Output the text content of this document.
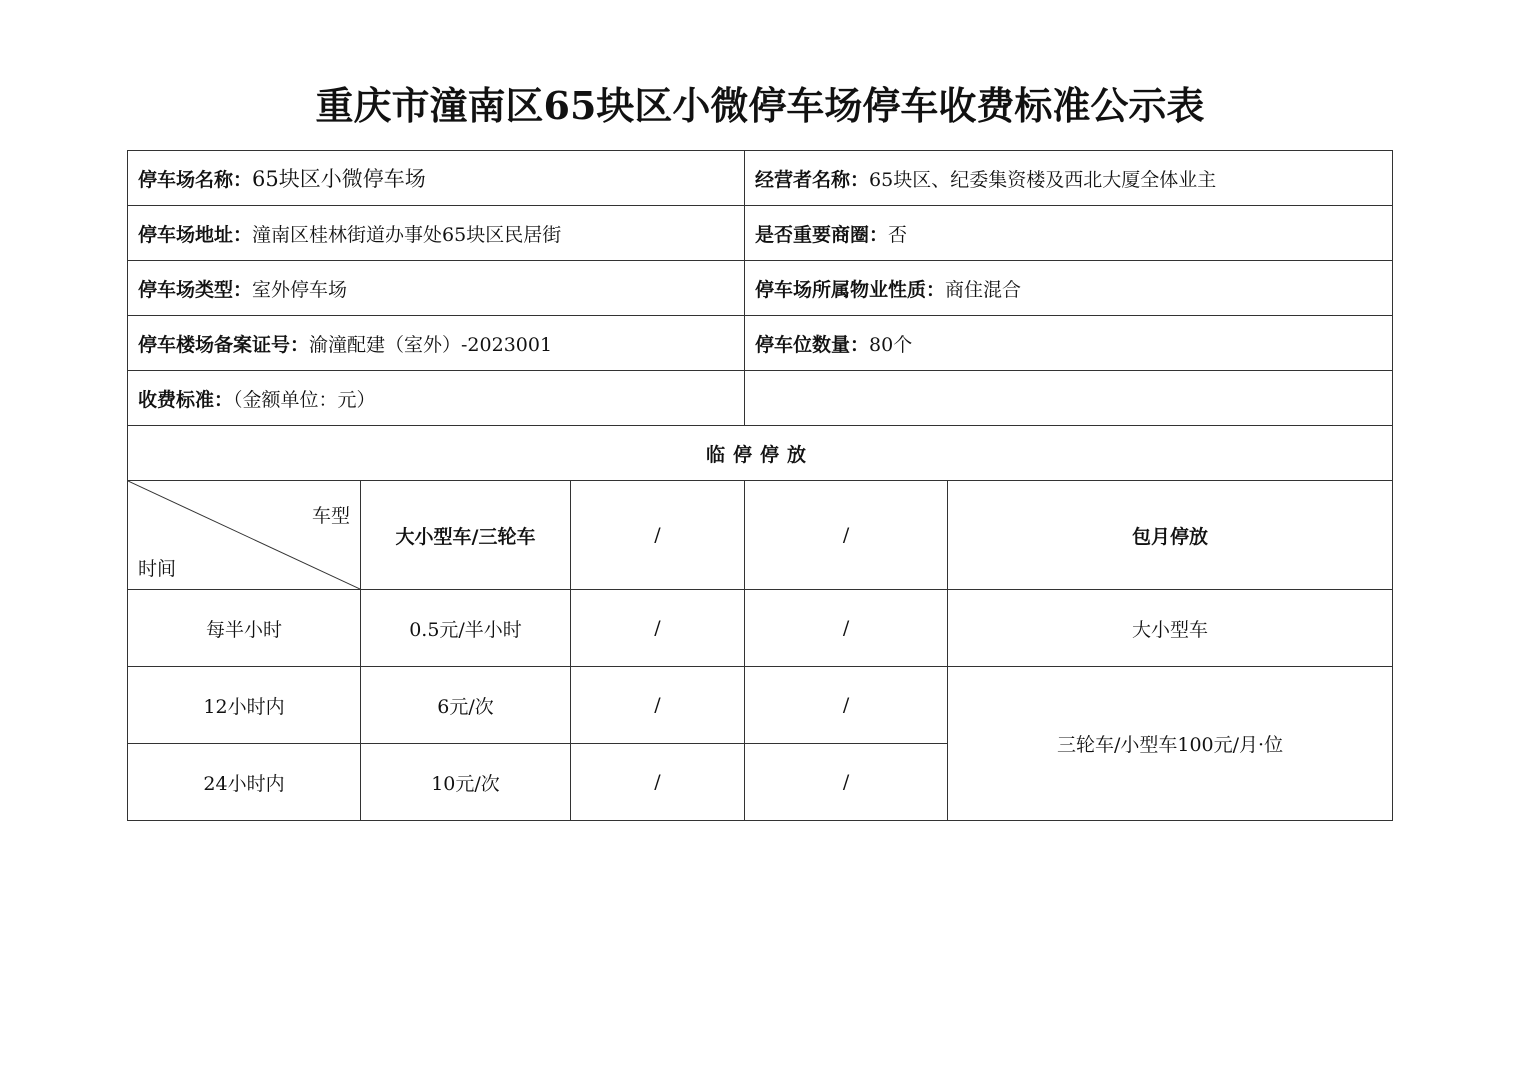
重庆市潼南区65块区小微停车场停车收费标准公示表
停车场名称：65块区小微停车场			经营者名称：65块区、纪委集资楼及西北大厦全体业主	
停车场地址：潼南区桂林街道办事处65块区民居街			是否重要商圈：否	
停车场类型：室外停车场			停车场所属物业性质：商住混合	
停车楼场备案证号：渝潼配建（室外）-2023001			停车位数量：80个	
收费标准：（金额单位：元）				
临停停放				

车型
时间	大小型车/三轮车	/	/	包月停放
每半小时	0.5元/半小时	/	/	大小型车
12小时内	6元/次	/	/	三轮车/小型车100元/月·位
24小时内	10元/次	/	/	
